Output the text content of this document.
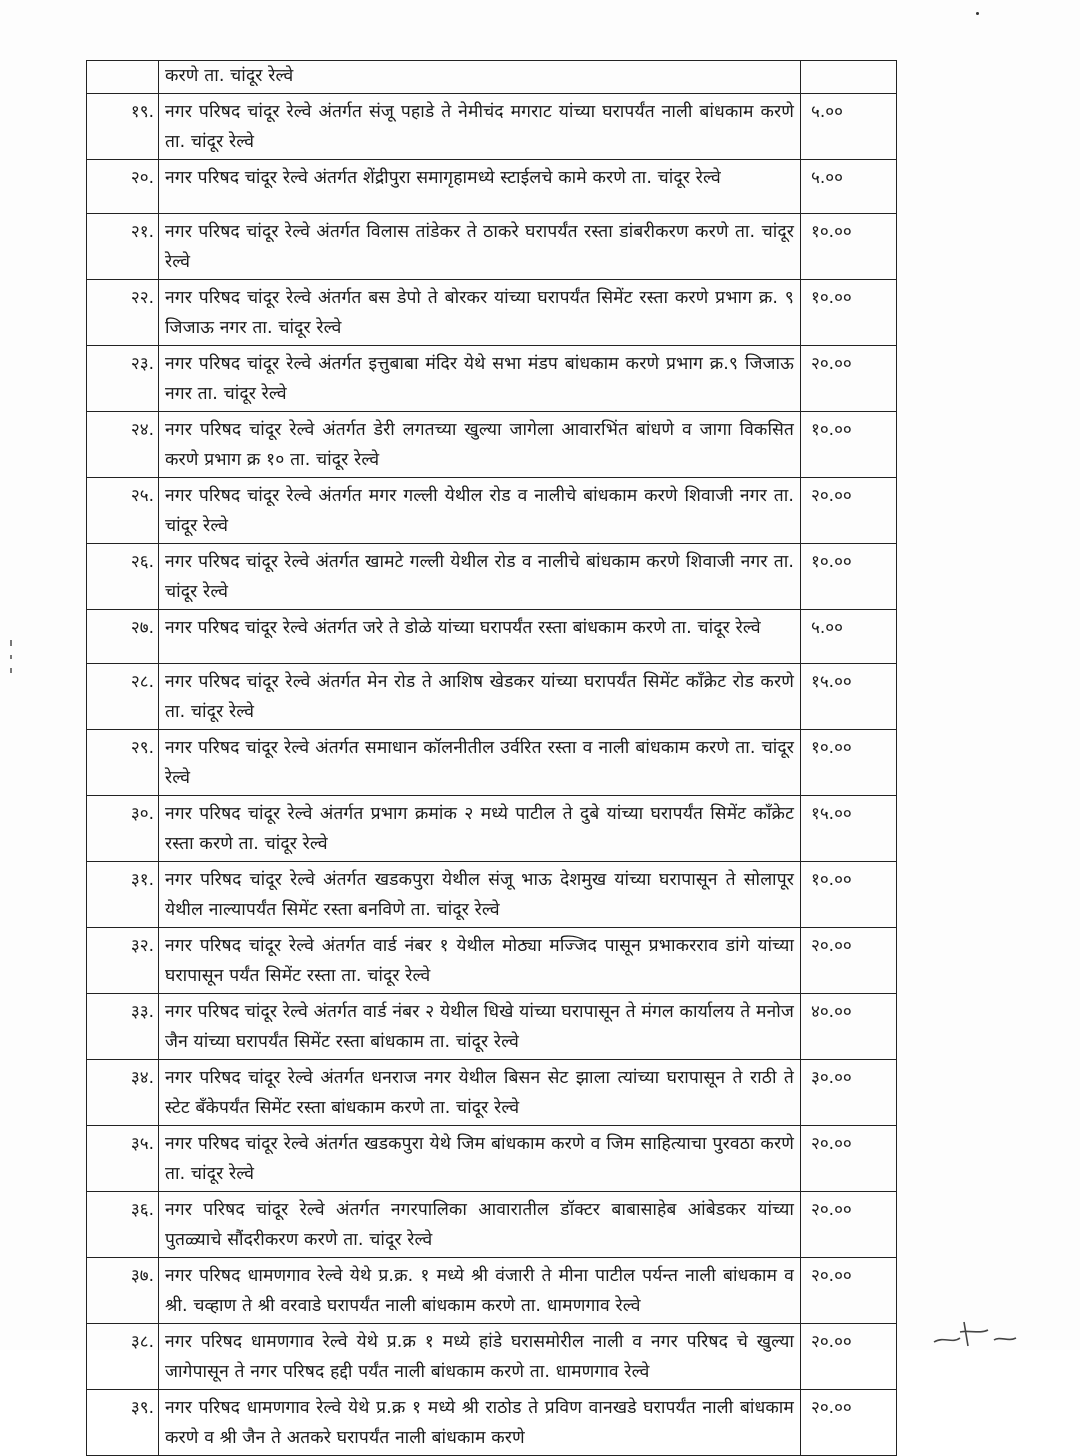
	करणे ता. चांदूर रेल्वे	
१९.	नगर परिषद चांदूर रेल्वे अंतर्गत संजू पहाडे ते नेमीचंद मगराट यांच्या घरापर्यंत नाली बांधकाम करणे ता. चांदूर रेल्वे	५.००
२०.	नगर परिषद चांदूर रेल्वे अंतर्गत शेंद्रीपुरा समागृहामध्ये स्टाईलचे कामे करणे ता. चांदूर रेल्वे	५.००
२१.	नगर परिषद चांदूर रेल्वे अंतर्गत विलास तांडेकर ते ठाकरे घरापर्यंत रस्ता डांबरीकरण करणे ता. चांदूर रेल्वे	१०.००
२२.	नगर परिषद चांदूर रेल्वे अंतर्गत बस डेपो ते बोरकर यांच्या घरापर्यंत सिमेंट रस्ता करणे प्रभाग क्र. ९ जिजाऊ नगर ता. चांदूर रेल्वे	१०.००
२३.	नगर परिषद चांदूर रेल्वे अंतर्गत इत्तुबाबा मंदिर येथे सभा मंडप बांधकाम करणे प्रभाग क्र.९ जिजाऊ नगर ता. चांदूर रेल्वे	२०.००
२४.	नगर परिषद चांदूर रेल्वे अंतर्गत डेरी लगतच्या खुल्या जागेला आवारभिंत बांधणे व जागा विकसित करणे प्रभाग क्र १० ता. चांदूर रेल्वे	१०.००
२५.	नगर परिषद चांदूर रेल्वे अंतर्गत मगर गल्ली येथील रोड व नालीचे बांधकाम करणे शिवाजी नगर ता. चांदूर रेल्वे	२०.००
२६.	नगर परिषद चांदूर रेल्वे अंतर्गत खामटे गल्ली येथील रोड व नालीचे बांधकाम करणे शिवाजी नगर ता. चांदूर रेल्वे	१०.००
२७.	नगर परिषद चांदूर रेल्वे अंतर्गत जरे ते डोळे यांच्या घरापर्यंत रस्ता बांधकाम करणे ता. चांदूर रेल्वे	५.००
२८.	नगर परिषद चांदूर रेल्वे अंतर्गत मेन रोड ते आशिष खेडकर यांच्या घरापर्यंत सिमेंट कॉंक्रेट रोड करणे ता. चांदूर रेल्वे	१५.००
२९.	नगर परिषद चांदूर रेल्वे अंतर्गत समाधान कॉलनीतील उर्वरित रस्ता व नाली बांधकाम करणे ता. चांदूर रेल्वे	१०.००
३०.	नगर परिषद चांदूर रेल्वे अंतर्गत प्रभाग क्रमांक २ मध्ये पाटील ते दुबे यांच्या घरापर्यंत सिमेंट कॉंक्रेट रस्ता करणे ता. चांदूर रेल्वे	१५.००
३१.	नगर परिषद चांदूर रेल्वे अंतर्गत खडकपुरा येथील संजू भाऊ देशमुख यांच्या घरापासून ते सोलापूर येथील नाल्यापर्यंत सिमेंट रस्ता बनविणे ता. चांदूर रेल्वे	१०.००
३२.	नगर परिषद चांदूर रेल्वे अंतर्गत वार्ड नंबर १ येथील मोठ्या मज्जिद पासून प्रभाकरराव डांगे यांच्या घरापासून पर्यंत सिमेंट रस्ता ता. चांदूर रेल्वे	२०.००
३३.	नगर परिषद चांदूर रेल्वे अंतर्गत वार्ड नंबर २ येथील धिखे यांच्या घरापासून ते मंगल कार्यालय ते मनोज जैन यांच्या घरापर्यंत सिमेंट रस्ता बांधकाम ता. चांदूर रेल्वे	४०.००
३४.	नगर परिषद चांदूर रेल्वे अंतर्गत धनराज नगर येथील बिसन सेट झाला त्यांच्या घरापासून ते राठी ते स्टेट बँकेपर्यंत सिमेंट रस्ता बांधकाम करणे ता. चांदूर रेल्वे	३०.००
३५.	नगर परिषद चांदूर रेल्वे अंतर्गत खडकपुरा येथे जिम बांधकाम करणे व जिम साहित्याचा पुरवठा करणे ता. चांदूर रेल्वे	२०.००
३६.	नगर परिषद चांदूर रेल्वे अंतर्गत नगरपालिका आवारातील डॉक्टर बाबासाहेब आंबेडकर यांच्या पुतळ्याचे सौंदरीकरण करणे ता. चांदूर रेल्वे	२०.००
३७.	नगर परिषद धामणगाव रेल्वे येथे प्र.क्र. १ मध्ये श्री वंजारी ते मीना पाटील पर्यन्त नाली बांधकाम व श्री. चव्हाण ते श्री वरवाडे घरापर्यंत नाली बांधकाम करणे ता. धामणगाव रेल्वे	२०.००
३८.	नगर परिषद धामणगाव रेल्वे येथे प्र.क्र १ मध्ये हांडे घरासमोरील नाली व नगर परिषद चे खुल्या जागेपासून ते नगर परिषद हद्दी पर्यंत नाली बांधकाम करणे ता. धामणगाव रेल्वे	२०.००
३९.	नगर परिषद धामणगाव रेल्वे येथे प्र.क्र १ मध्ये श्री राठोड ते प्रविण वानखडे घरापर्यंत नाली बांधकाम करणे व श्री जैन ते अतकरे घरापर्यंत नाली बांधकाम करणे	२०.००
